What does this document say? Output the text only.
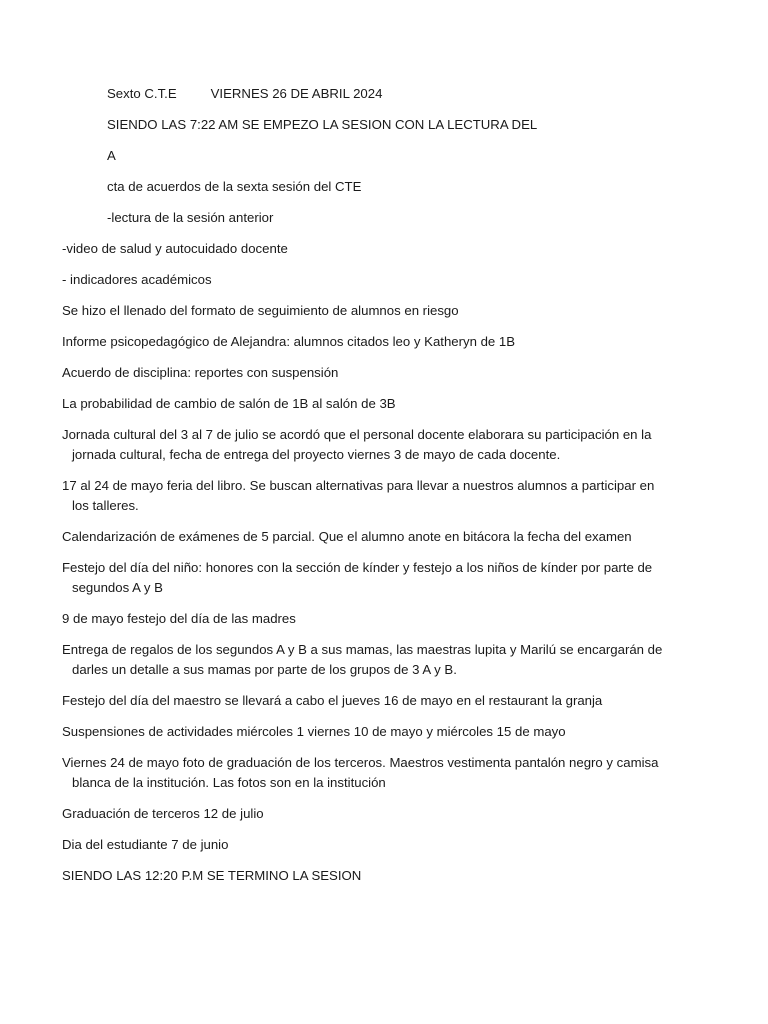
Sexto C.T.E	VIERNES 26 DE ABRIL 2024

SIENDO LAS 7:22 AM SE EMPEZO LA SESION CON LA LECTURA DEL

A

cta de acuerdos de la sexta sesión del CTE

-lectura de la sesión anterior

-video de salud y autocuidado docente

- indicadores académicos

Se hizo el llenado del formato de seguimiento de alumnos en riesgo

Informe psicopedagógico de Alejandra: alumnos citados leo y Katheryn de 1B

Acuerdo de disciplina: reportes con suspensión

La probabilidad de cambio de salón de 1B al salón de 3B

Jornada cultural del 3 al 7 de julio se acordó que el personal docente elaborara su participación en la jornada cultural, fecha de entrega del proyecto viernes 3 de mayo de cada docente.

17 al 24 de mayo feria del libro. Se buscan alternativas para llevar a nuestros alumnos a participar en los talleres.

Calendarización de exámenes de 5 parcial. Que el alumno anote en bitácora la fecha del examen

Festejo del día del niño: honores con la sección de kínder y festejo a los niños de kínder por parte de segundos A y B

9 de mayo festejo del día de las madres

Entrega de regalos de los segundos A y B a sus mamas, las maestras lupita y Marilú se encargarán de darles un detalle a sus mamas por parte de los grupos de 3 A y B.

Festejo del día del maestro se llevará a cabo el jueves 16 de mayo en el restaurant la granja

Suspensiones de actividades miércoles 1 viernes 10 de mayo y miércoles 15 de mayo

Viernes 24 de mayo foto de graduación de los terceros. Maestros vestimenta pantalón negro y camisa blanca de la institución. Las fotos son en la institución

Graduación de terceros 12 de julio

Dia del estudiante 7 de junio

SIENDO LAS 12:20 P.M SE TERMINO LA SESION
